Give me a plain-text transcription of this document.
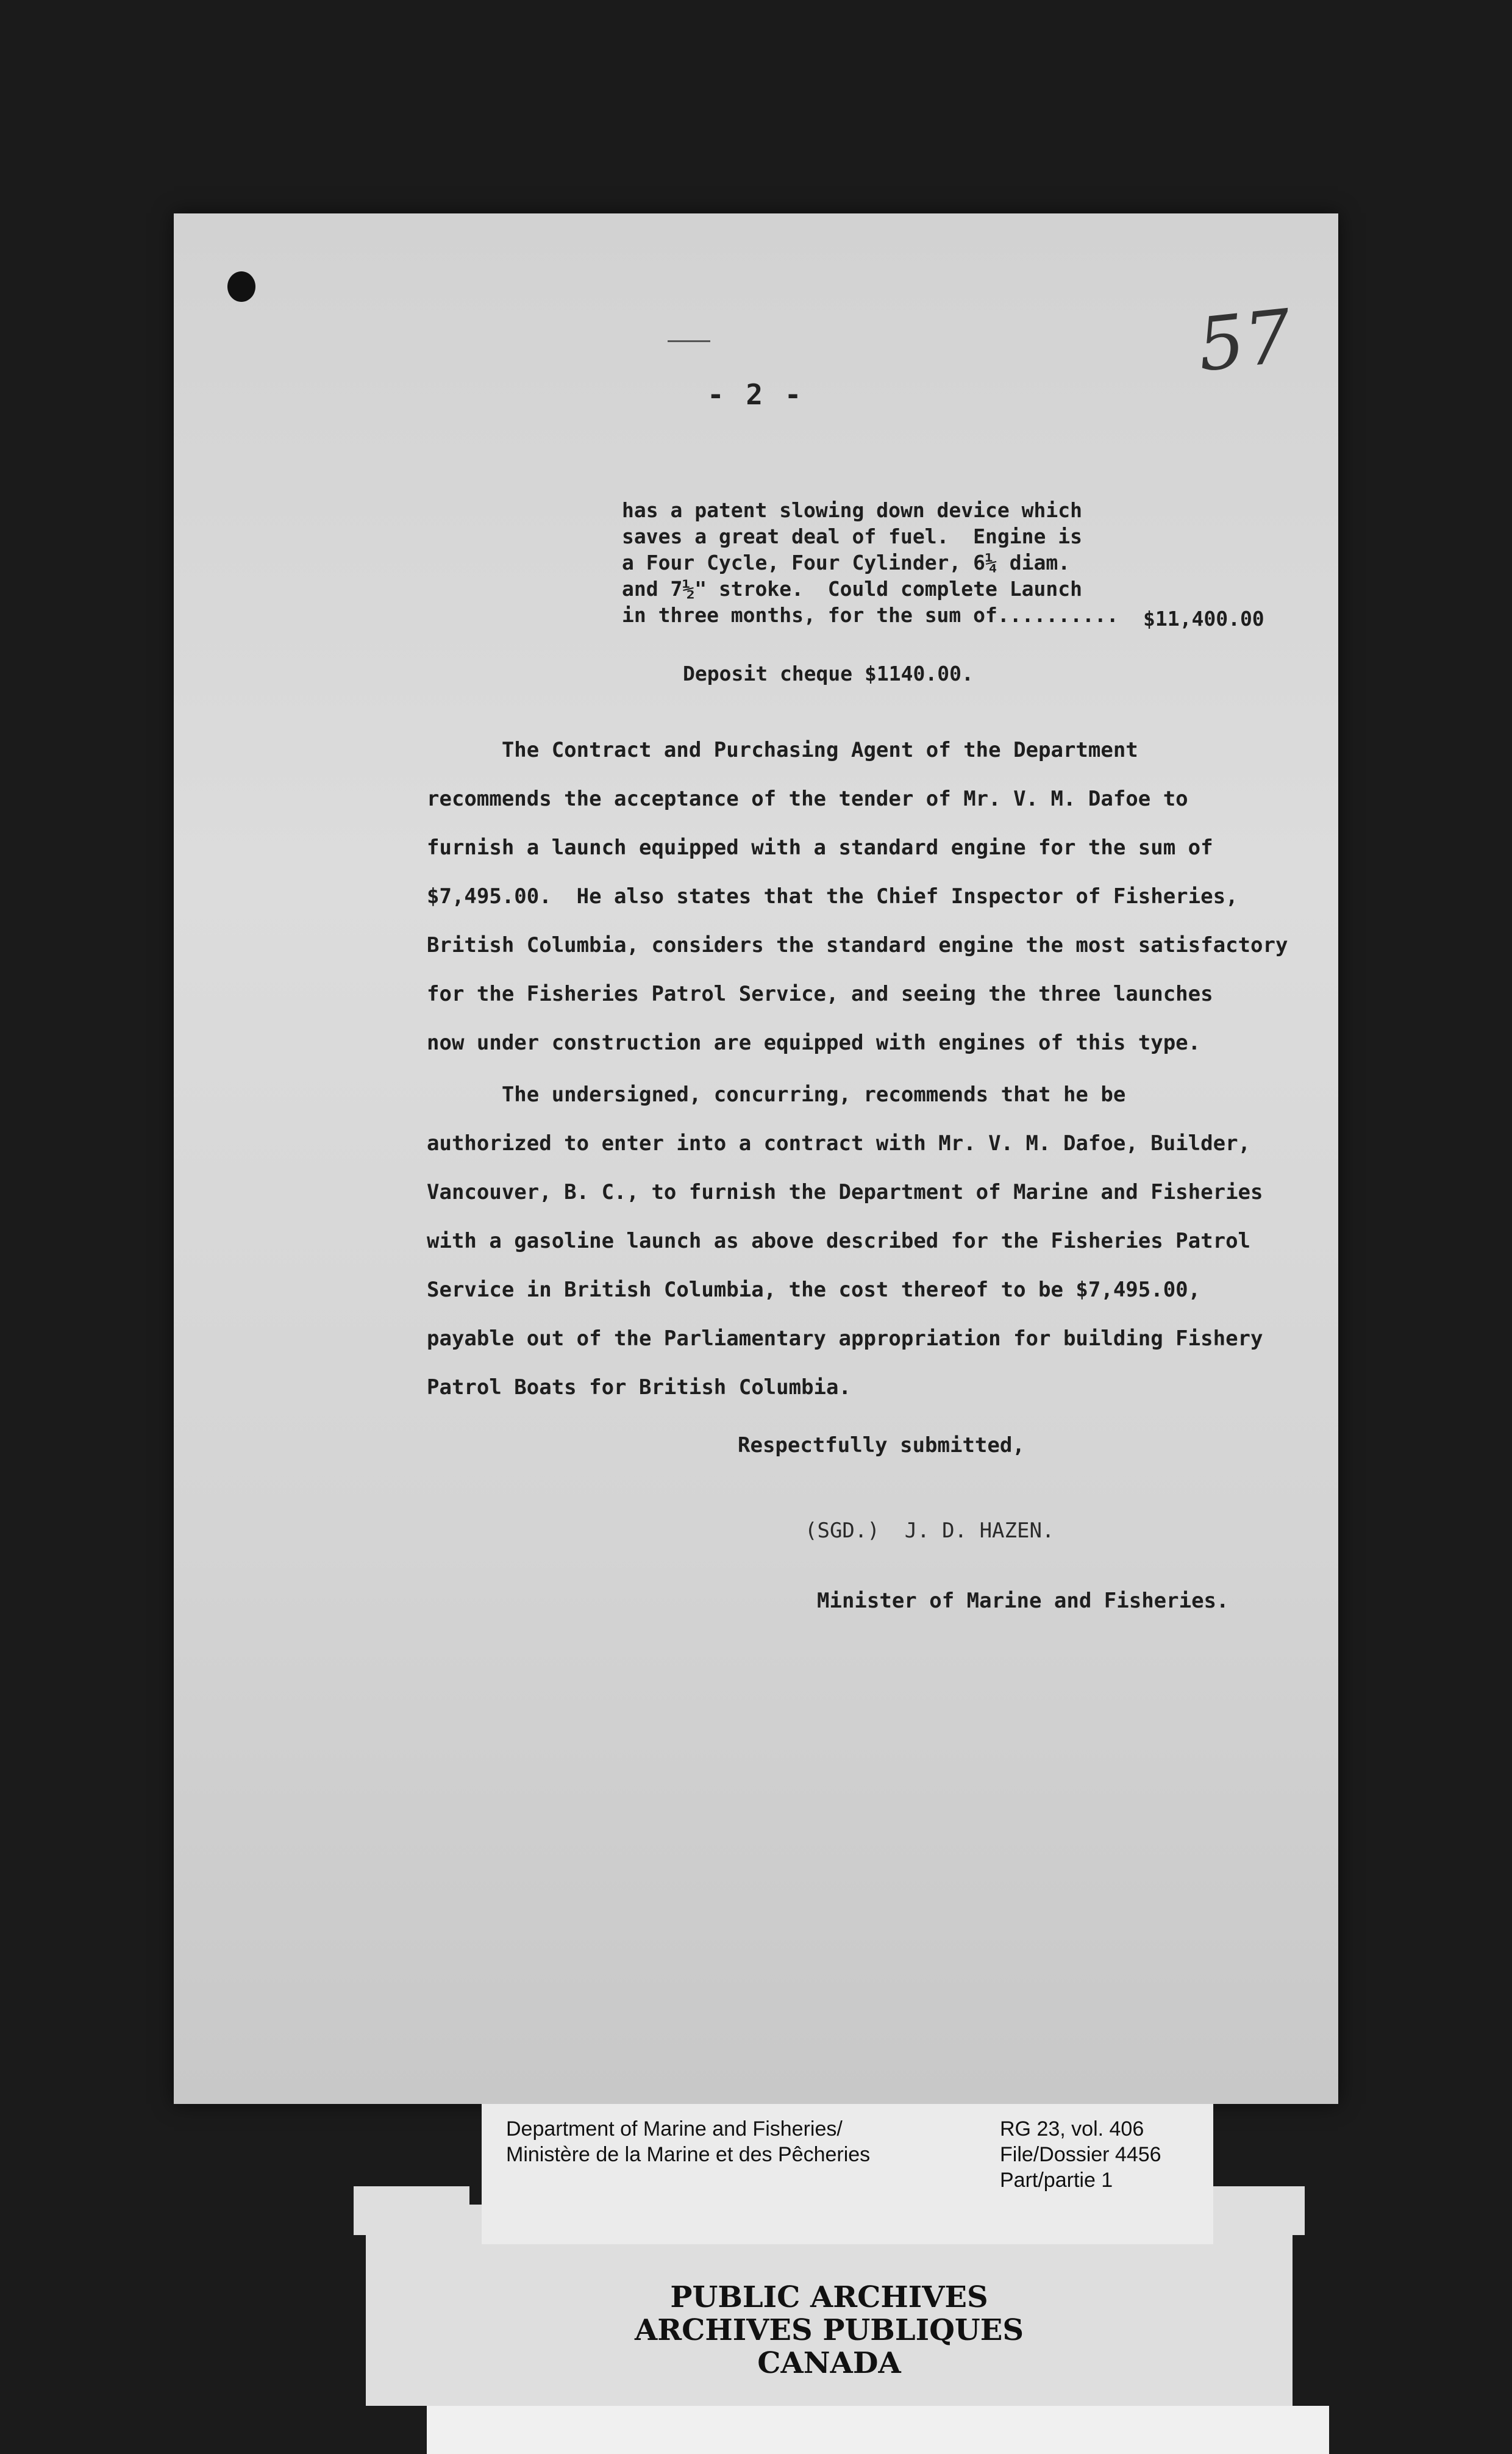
57
- 2 -
has a patent slowing down device which
saves a great deal of fuel.  Engine is
a Four Cycle, Four Cylinder, 6¼ diam.
and 7½" stroke.  Could complete Launch
in three months, for the sum of.......... $11,400.00
Deposit cheque $1140.00.
The Contract and Purchasing Agent of the Department
recommends the acceptance of the tender of Mr. V. M. Dafoe to
furnish a launch equipped with a standard engine for the sum of
$7,495.00.  He also states that the Chief Inspector of Fisheries,
British Columbia, considers the standard engine the most satisfactory
for the Fisheries Patrol Service, and seeing the three launches
now under construction are equipped with engines of this type.
The undersigned, concurring, recommends that he be
authorized to enter into a contract with Mr. V. M. Dafoe, Builder,
Vancouver, B. C., to furnish the Department of Marine and Fisheries
with a gasoline launch as above described for the Fisheries Patrol
Service in British Columbia, the cost thereof to be $7,495.00,
payable out of the Parliamentary appropriation for building Fishery
Patrol Boats for British Columbia.
Respectfully submitted,
(SGD.)  J. D. HAZEN.
Minister of Marine and Fisheries.
PUBLIC ARCHIVES
ARCHIVES PUBLIQUES
CANADA
Department of Marine and Fisheries/
Ministère de la Marine et des Pêcheries
RG 23, vol. 406
File/Dossier 4456
Part/partie 1
